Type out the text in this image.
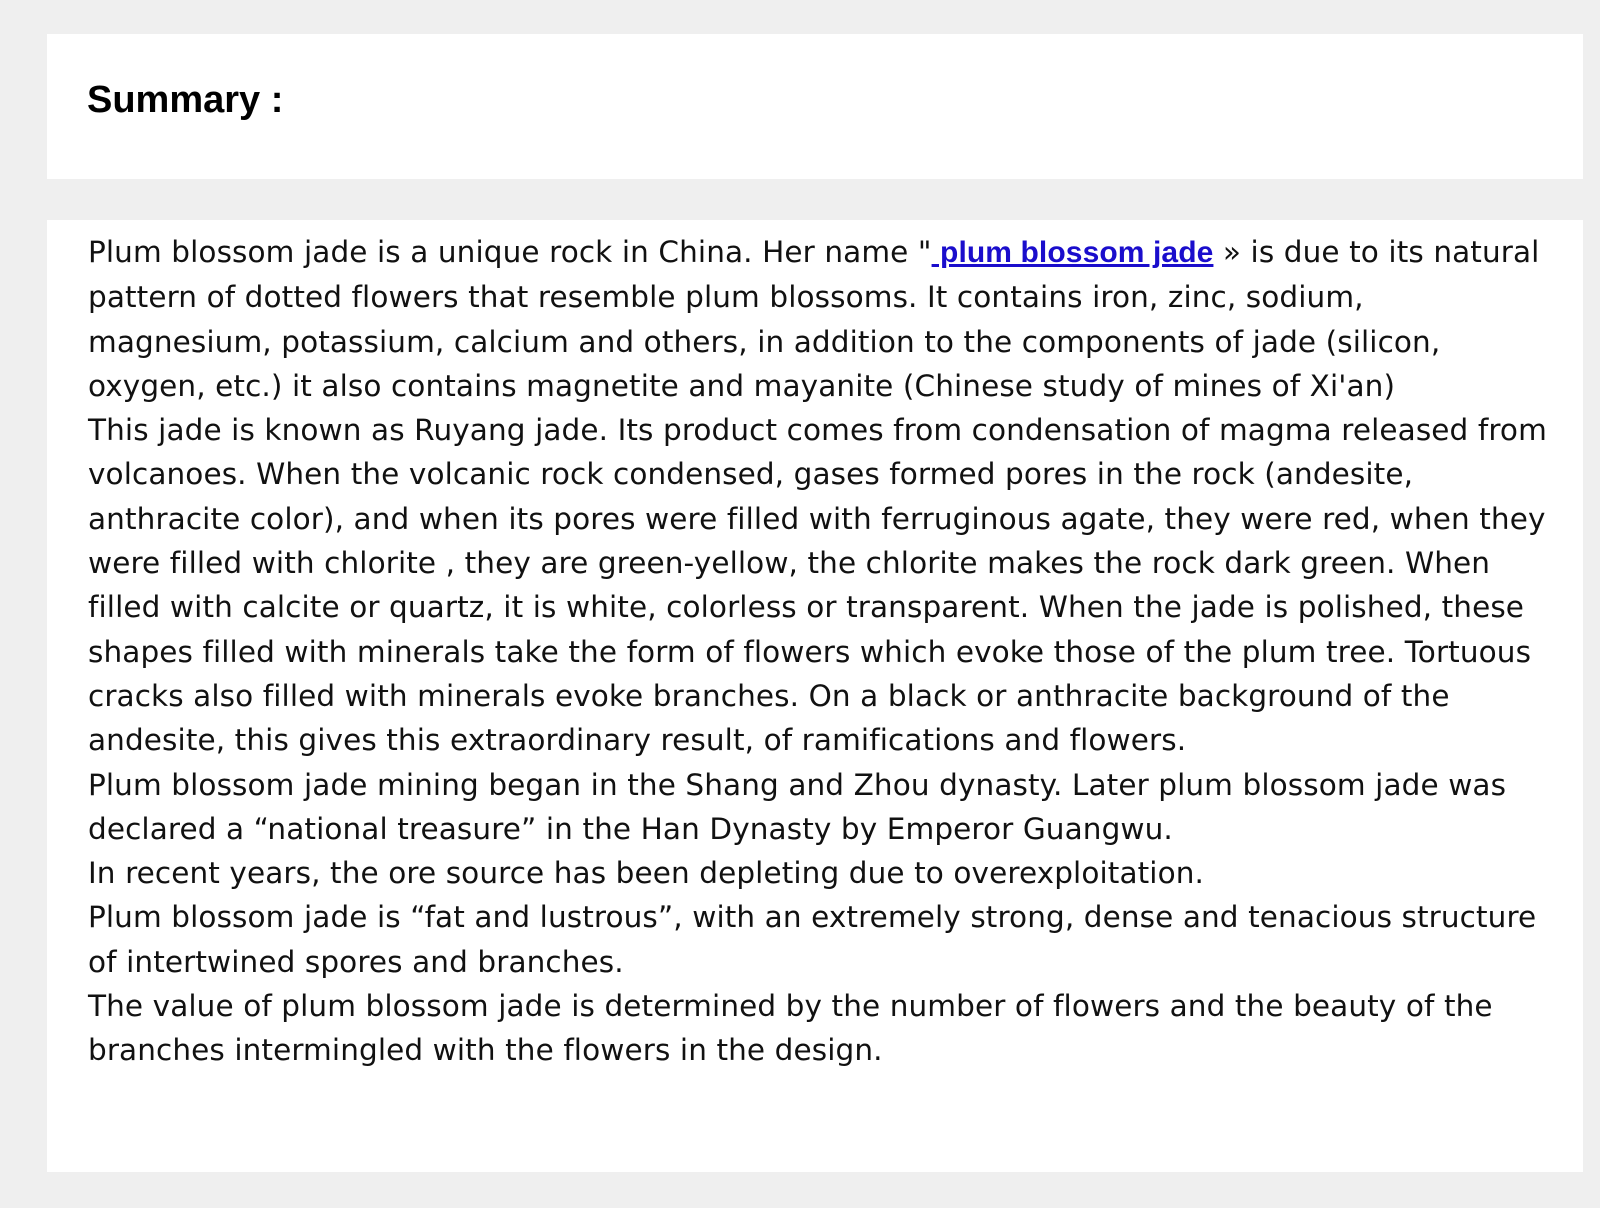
Summary :

Plum blossom jade is a unique rock in China. Her name " plum blossom jade » is due to its natural pattern of dotted flowers that resemble plum blossoms. It contains iron, zinc, sodium, magnesium, potassium, calcium and others, in addition to the components of jade (silicon, oxygen, etc.) it also contains magnetite and mayanite (Chinese study of mines of Xi'an)

This jade is known as Ruyang jade. Its product comes from condensation of magma released from volcanoes. When the volcanic rock condensed, gases formed pores in the rock (andesite, anthracite color), and when its pores were filled with ferruginous agate, they were red, when they were filled with chlorite , they are green-yellow, the chlorite makes the rock dark green. When filled with calcite or quartz, it is white, colorless or transparent. When the jade is polished, these shapes filled with minerals take the form of flowers which evoke those of the plum tree. Tortuous cracks also filled with minerals evoke branches. On a black or anthracite background of the andesite, this gives this extraordinary result, of ramifications and flowers.

Plum blossom jade mining began in the Shang and Zhou dynasty. Later plum blossom jade was declared a “national treasure” in the Han Dynasty by Emperor Guangwu.

In recent years, the ore source has been depleting due to overexploitation.

Plum blossom jade is “fat and lustrous”, with an extremely strong, dense and tenacious structure of intertwined spores and branches.

The value of plum blossom jade is determined by the number of flowers and the beauty of the branches intermingled with the flowers in the design.
